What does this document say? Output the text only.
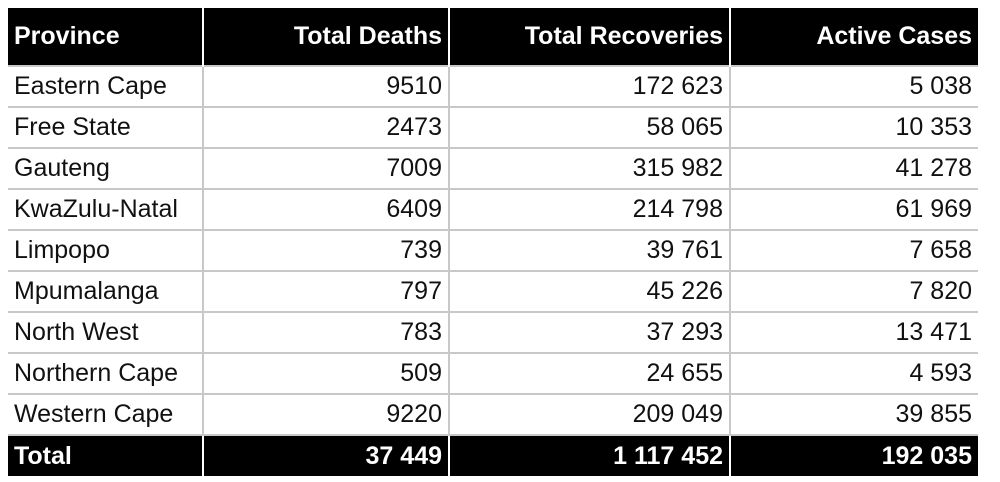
Province	Total Deaths	Total Recoveries	Active Cases
Eastern Cape	9510	172 623	5 038
Free State	2473	58 065	10 353
Gauteng	7009	315 982	41 278
KwaZulu-Natal	6409	214 798	61 969
Limpopo	739	39 761	7 658
Mpumalanga	797	45 226	7 820
North West	783	37 293	13 471
Northern Cape	509	24 655	4 593
Western Cape	9220	209 049	39 855
Total	37 449	1 117 452	192 035
